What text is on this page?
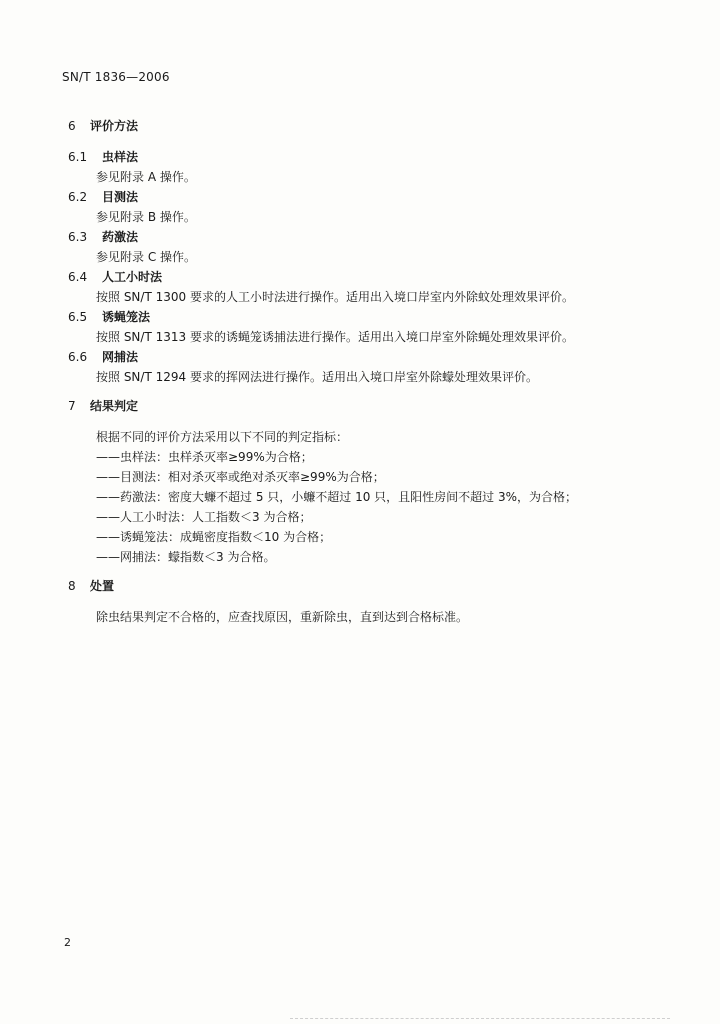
SN/T 1836—2006
6 评价方法
6.1 虫样法
参见附录 A 操作。
6.2 目测法
参见附录 B 操作。
6.3 药激法
参见附录 C 操作。
6.4 人工小时法
按照 SN/T 1300 要求的人工小时法进行操作。适用出入境口岸室内外除蚊处理效果评价。
6.5 诱蝇笼法
按照 SN/T 1313 要求的诱蝇笼诱捕法进行操作。适用出入境口岸室外除蝇处理效果评价。
6.6 网捕法
按照 SN/T 1294 要求的挥网法进行操作。适用出入境口岸室外除蠓处理效果评价。
7 结果判定
根据不同的评价方法采用以下不同的判定指标：
——虫样法：虫样杀灭率≥99%为合格；
——目测法：相对杀灭率或绝对杀灭率≥99%为合格；
——药激法：密度大蠊不超过 5 只，小蠊不超过 10 只，且阳性房间不超过 3%，为合格；
——人工小时法：人工指数＜3 为合格；
——诱蝇笼法：成蝇密度指数＜10 为合格；
——网捕法：蠓指数＜3 为合格。
8 处置
除虫结果判定不合格的，应查找原因，重新除虫，直到达到合格标准。
2
